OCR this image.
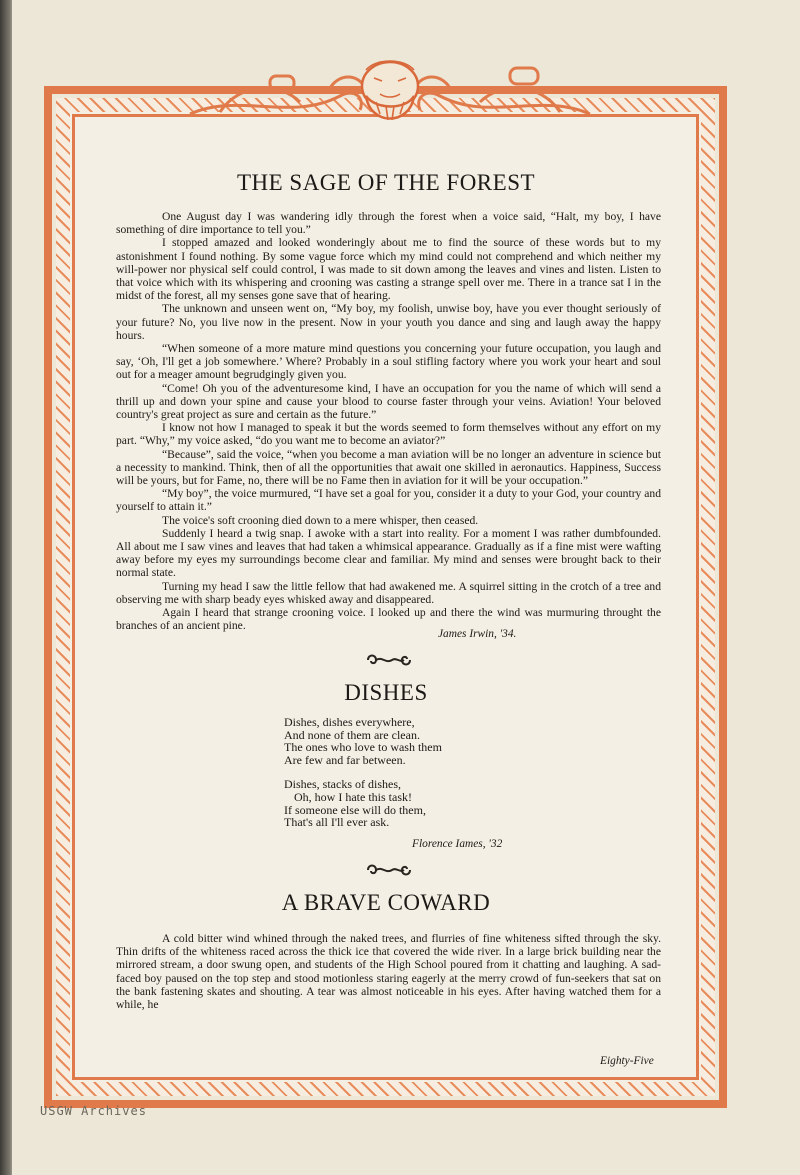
THE SAGE OF THE FOREST

One August day I was wandering idly through the forest when a voice said, “Halt, my boy, I have something of dire importance to tell you.”

I stopped amazed and looked wonderingly about me to find the source of these words but to my astonishment I found nothing. By some vague force which my mind could not comprehend and which neither my will-power nor physical self could control, I was made to sit down among the leaves and vines and listen. Listen to that voice which with its whispering and crooning was casting a strange spell over me. There in a trance sat I in the midst of the forest, all my senses gone save that of hearing.

The unknown and unseen went on, “My boy, my foolish, unwise boy, have you ever thought seriously of your future? No, you live now in the present. Now in your youth you dance and sing and laugh away the happy hours.

“When someone of a more mature mind questions you concerning your future occupation, you laugh and say, ‘Oh, I'll get a job somewhere.’ Where? Probably in a soul stifling factory where you work your heart and soul out for a meager amount begrudgingly given you.

“Come! Oh you of the adventuresome kind, I have an occupation for you the name of which will send a thrill up and down your spine and cause your blood to course faster through your veins. Aviation! Your beloved country's great project as sure and certain as the future.”

I know not how I managed to speak it but the words seemed to form themselves without any effort on my part. “Why,” my voice asked, “do you want me to become an aviator?”

“Because”, said the voice, “when you become a man aviation will be no longer an adventure in science but a necessity to mankind. Think, then of all the opportunities that await one skilled in aeronautics. Happiness, Success will be yours, but for Fame, no, there will be no Fame then in aviation for it will be your occupation.”

“My boy”, the voice murmured, “I have set a goal for you, consider it a duty to your God, your country and yourself to attain it.”

The voice's soft crooning died down to a mere whisper, then ceased.

Suddenly I heard a twig snap. I awoke with a start into reality. For a moment I was rather dumbfounded. All about me I saw vines and leaves that had taken a whimsical appearance. Gradually as if a fine mist were wafting away before my eyes my surroundings become clear and familiar. My mind and senses were brought back to their normal state.

Turning my head I saw the little fellow that had awakened me. A squirrel sitting in the crotch of a tree and observing me with sharp beady eyes whisked away and disappeared.

Again I heard that strange crooning voice. I looked up and there the wind was murmuring throught the branches of an ancient pine.

James Irwin, '34.

DISHES
Dishes, dishes everywhere,
And none of them are clean.
The ones who love to wash them
Are few and far between.
Dishes, stacks of dishes,
Oh, how I hate this task!
If someone else will do them,
That's all I'll ever ask.

Florence Iames, '32

A BRAVE COWARD

A cold bitter wind whined through the naked trees, and flurries of fine whiteness sifted through the sky. Thin drifts of the whiteness raced across the thick ice that covered the wide river. In a large brick building near the mirrored stream, a door swung open, and students of the High School poured from it chatting and laughing. A sad-faced boy paused on the top step and stood motionless staring eagerly at the merry crowd of fun-seekers that sat on the bank fastening skates and shouting. A tear was almost noticeable in his eyes. After having watched them for a while, he

Eighty-Five

USGW Archives
